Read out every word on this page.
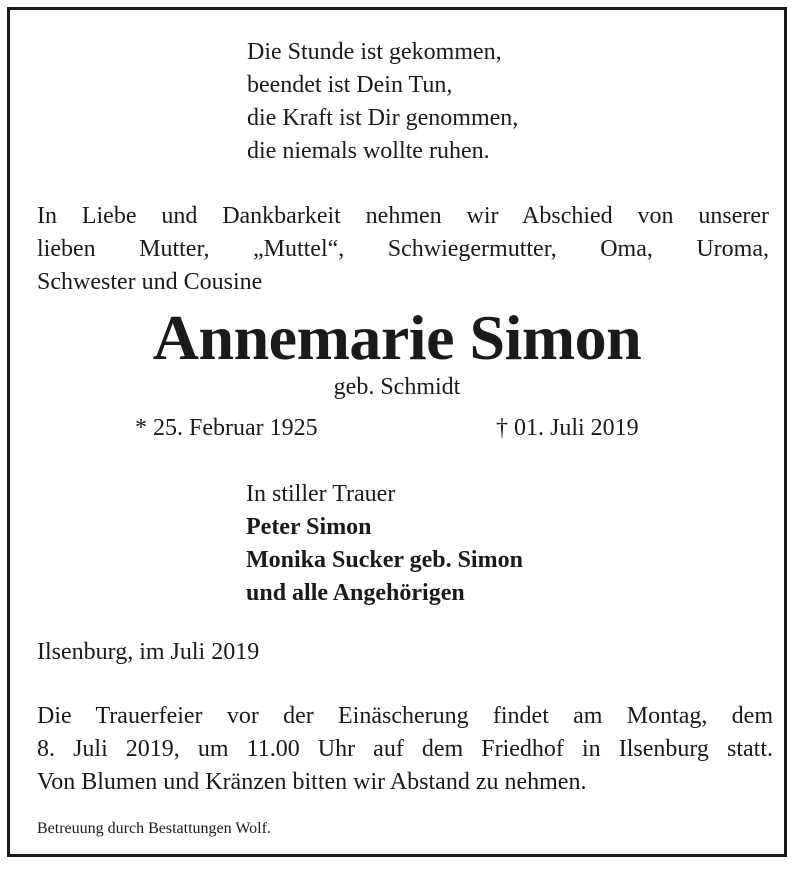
Die Stunde ist gekommen,
beendet ist Dein Tun,
die Kraft ist Dir genommen,
die niemals wollte ruhen.
In Liebe und Dankbarkeit nehmen wir Abschied von unserer
lieben Mutter, „Muttel“, Schwiegermutter, Oma, Uroma,
Schwester und Cousine
Annemarie Simon
geb. Schmidt
* 25. Februar 1925	† 01. Juli 2019
In stiller Trauer
Peter Simon
Monika Sucker geb. Simon
und alle Angehörigen
Ilsenburg, im Juli 2019
Die Trauerfeier vor der Einäscherung findet am Montag, dem
8. Juli 2019, um 11.00 Uhr auf dem Friedhof in Ilsenburg statt.
Von Blumen und Kränzen bitten wir Abstand zu nehmen.
Betreuung durch Bestattungen Wolf.
